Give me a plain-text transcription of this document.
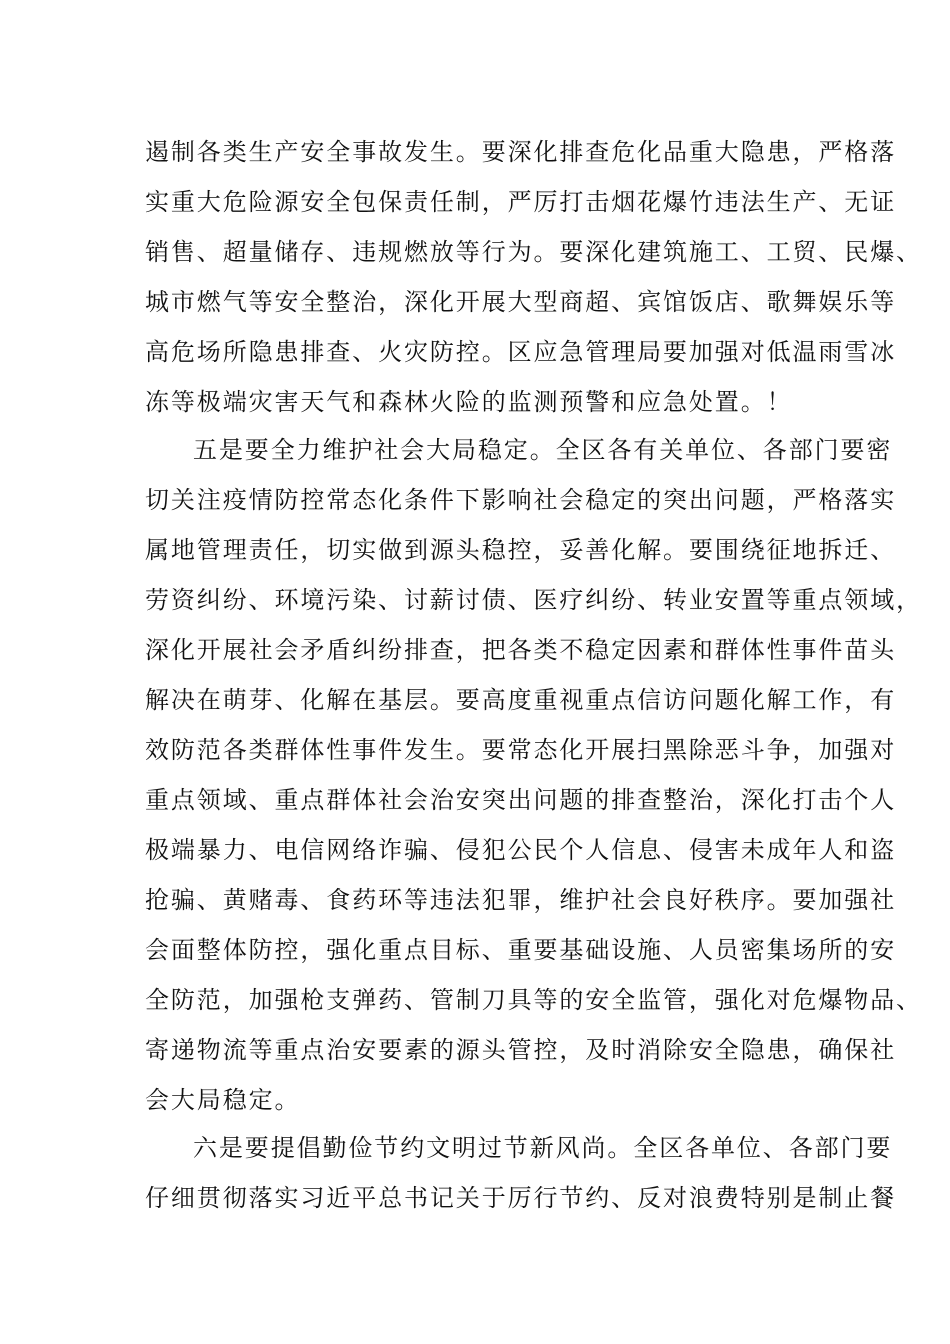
遏制各类生产安全事故发生。要深化排查危化品重大隐患，严格落
实重大危险源安全包保责任制，严厉打击烟花爆竹违法生产、无证
销售、超量储存、违规燃放等行为。要深化建筑施工、工贸、民爆、
城市燃气等安全整治，深化开展大型商超、宾馆饭店、歌舞娱乐等
高危场所隐患排查、火灾防控。区应急管理局要加强对低温雨雪冰
冻等极端灾害天气和森林火险的监测预警和应急处置。！
五是要全力维护社会大局稳定。全区各有关单位、各部门要密
切关注疫情防控常态化条件下影响社会稳定的突出问题，严格落实
属地管理责任，切实做到源头稳控，妥善化解。要围绕征地拆迁、
劳资纠纷、环境污染、讨薪讨债、医疗纠纷、转业安置等重点领域，
深化开展社会矛盾纠纷排查，把各类不稳定因素和群体性事件苗头
解决在萌芽、化解在基层。要高度重视重点信访问题化解工作，有
效防范各类群体性事件发生。要常态化开展扫黑除恶斗争，加强对
重点领域、重点群体社会治安突出问题的排查整治，深化打击个人
极端暴力、电信网络诈骗、侵犯公民个人信息、侵害未成年人和盗
抢骗、黄赌毒、食药环等违法犯罪，维护社会良好秩序。要加强社
会面整体防控，强化重点目标、重要基础设施、人员密集场所的安
全防范，加强枪支弹药、管制刀具等的安全监管，强化对危爆物品、
寄递物流等重点治安要素的源头管控，及时消除安全隐患，确保社
会大局稳定。
六是要提倡勤俭节约文明过节新风尚。全区各单位、各部门要
仔细贯彻落实习近平总书记关于厉行节约、反对浪费特别是制止餐
